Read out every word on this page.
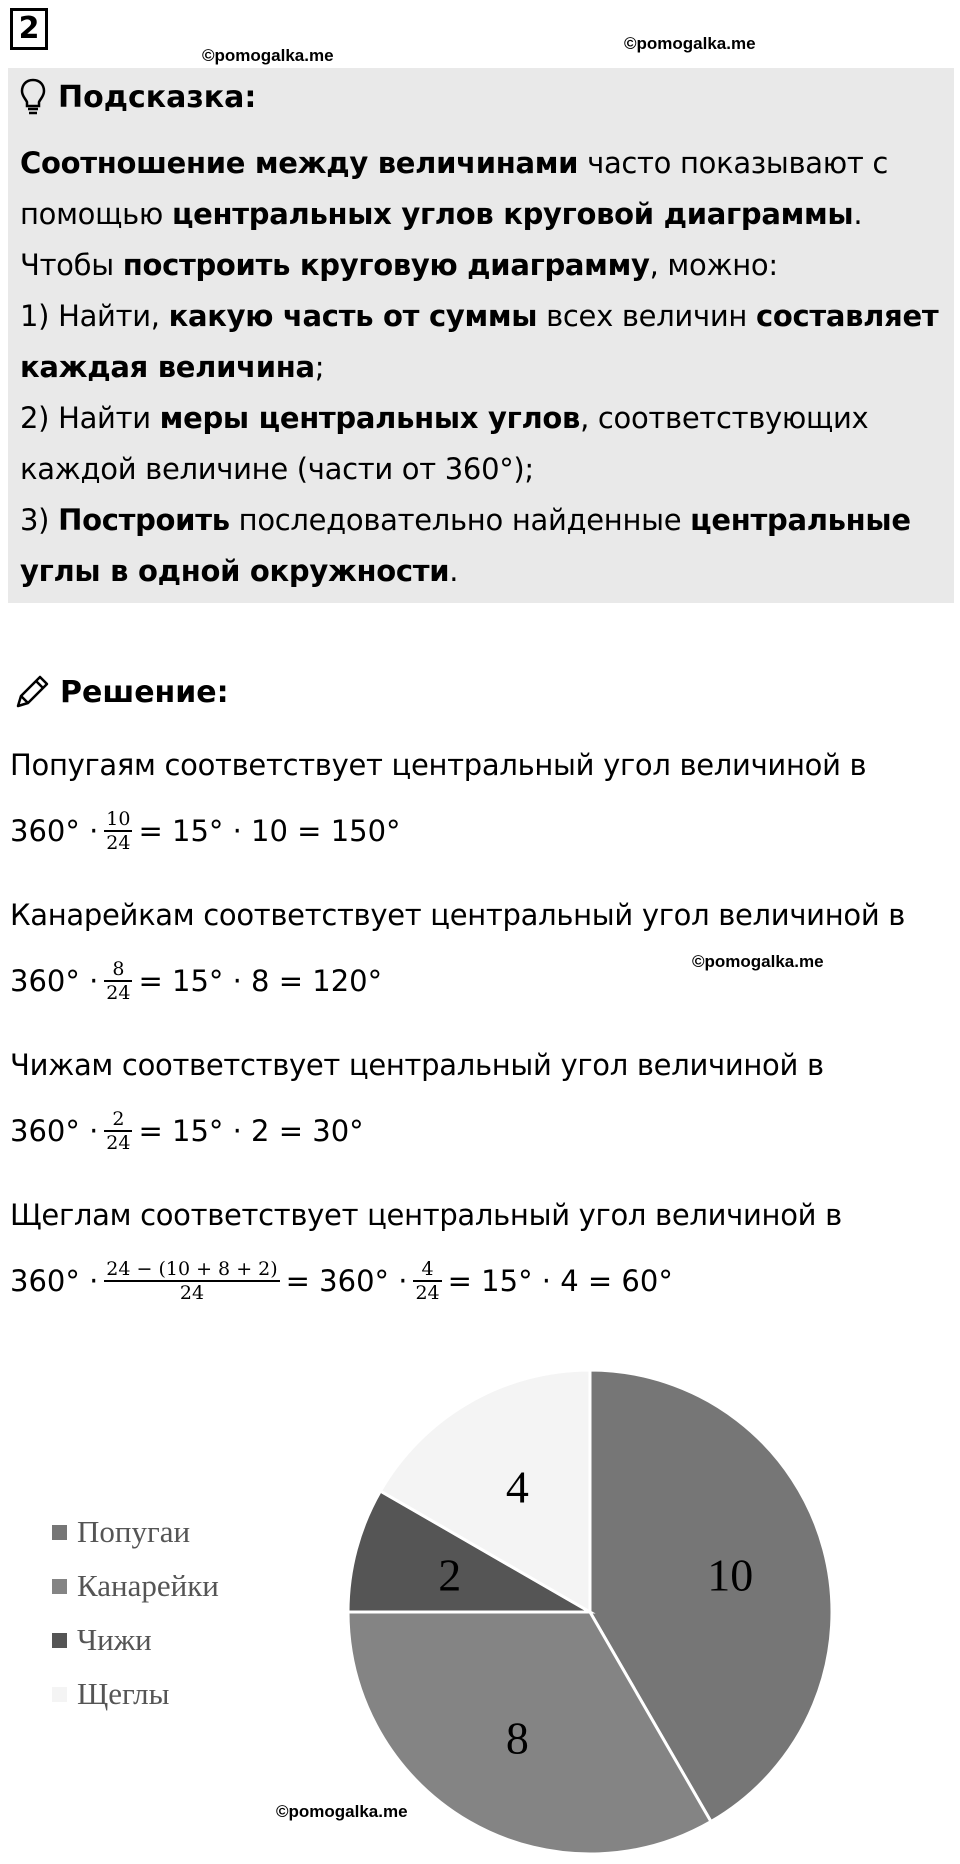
2
©pomogalka.me
©pomogalka.me
Подсказка:

Соотношение между величинами часто показывают с помощью центральных углов круговой диаграммы.

Чтобы построить круговую диаграмму, можно:

1) Найти, какую часть от суммы всех величин составляет каждая величина;

2) Найти меры центральных углов, соответствующих каждой величине (части от 360°);

3) Построить последовательно найденные центральные углы в одной окружности.

Решение:
Попугаям соответствует центральный угол величиной в
$360^\circ \cdot \frac{10}{24} = 15^\circ \cdot 10 = 150^\circ$
Канарейкам соответствует центральный угол величиной в
©pomogalka.me
$360^\circ \cdot \frac{8}{24} = 15^\circ \cdot 8 = 120^\circ$
Чижам соответствует центральный угол величиной в
$360^\circ \cdot \frac{2}{24} = 15^\circ \cdot 2 = 30^\circ$
Щеглам соответствует центральный угол величиной в
$360^\circ \cdot \frac{24 - (10 + 8 + 2)}{24} = 360^\circ \cdot \frac{4}{24} = 15^\circ \cdot 4 = 60^\circ$
10
8
2
4
Попугаи
Канарейки
Чижи
Щеглы
©pomogalka.me
